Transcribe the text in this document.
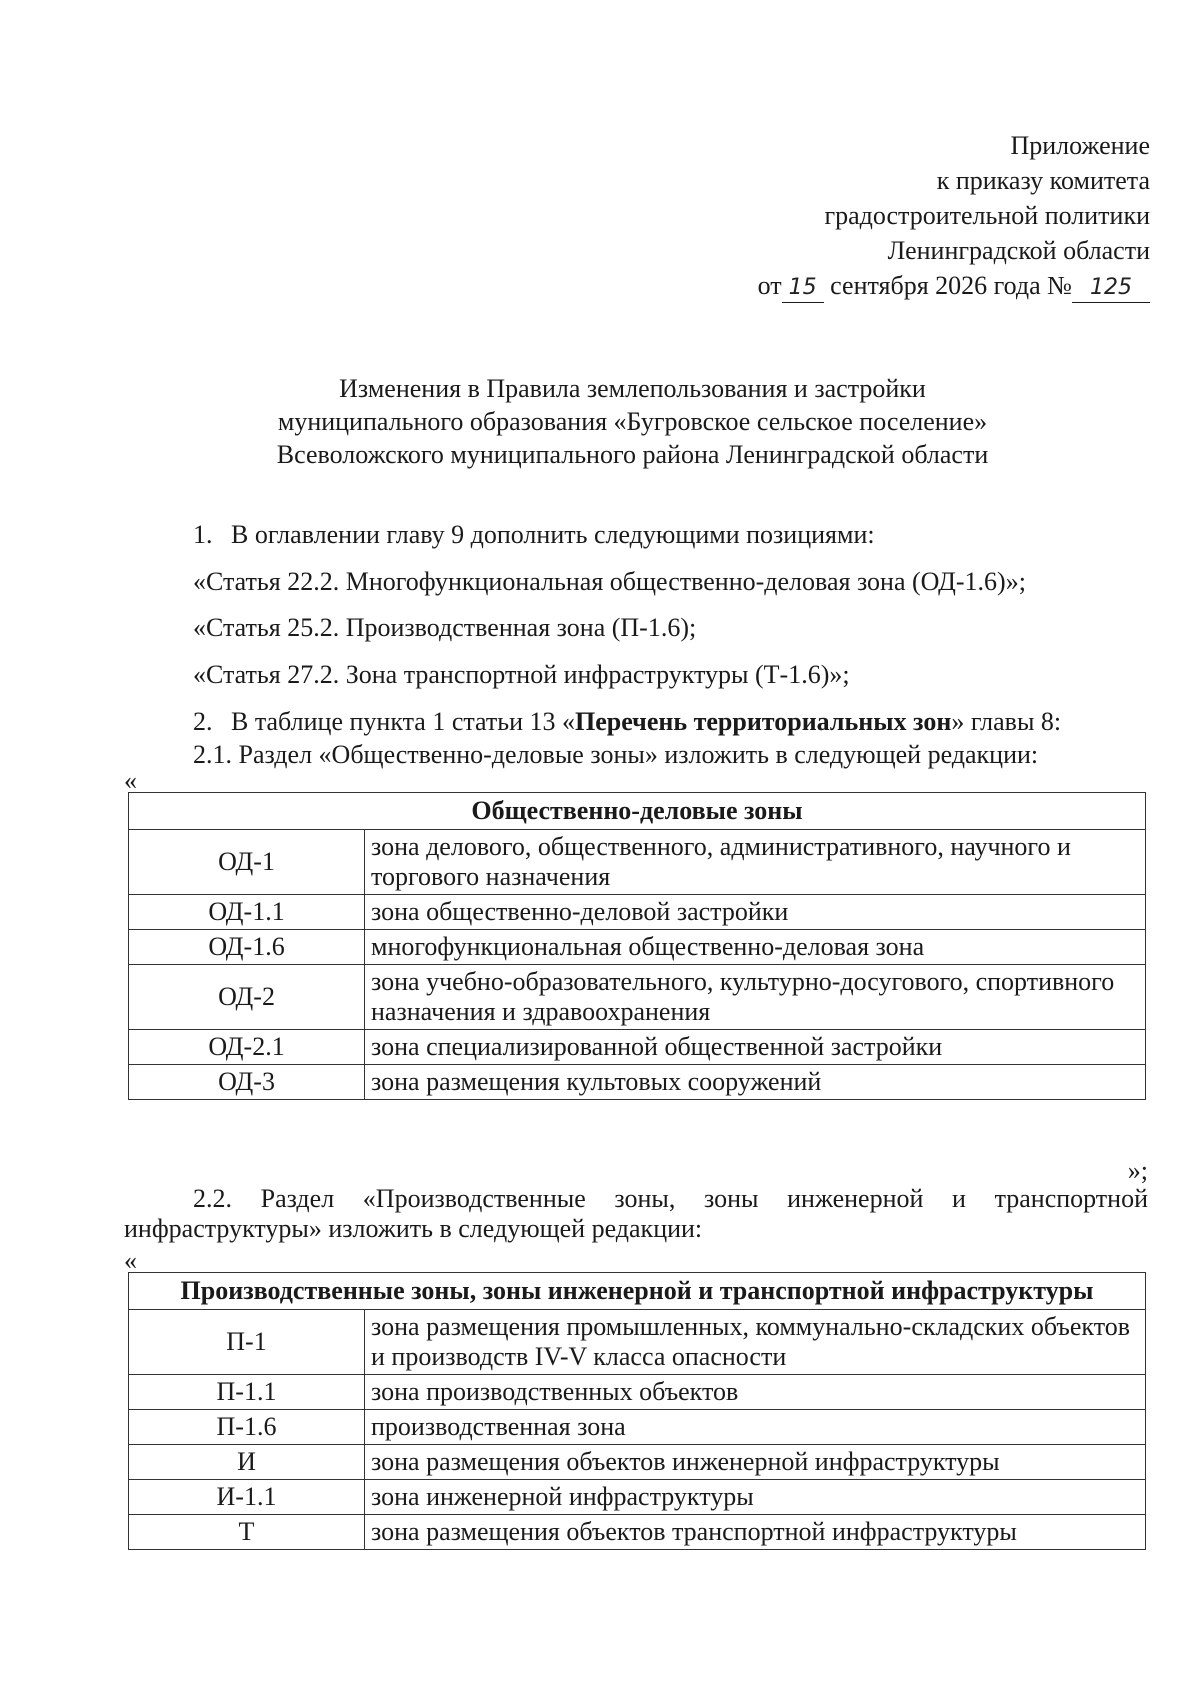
Приложение
к приказу комитета
градостроительной политики
Ленинградской области
от 15 сентября 2026 года № 125
Изменения в Правила землепользования и застройки
муниципального образования «Бугровское сельское поселение»
Всеволожского муниципального района Ленинградской области
1. В оглавлении главу 9 дополнить следующими позициями:
«Статья 22.2. Многофункциональная общественно-деловая зона (ОД-1.6)»;
«Статья 25.2. Производственная зона (П-1.6);
«Статья 27.2. Зона транспортной инфраструктуры (Т-1.6)»;
2. В таблице пункта 1 статьи 13 «Перечень территориальных зон» главы 8:
2.1. Раздел «Общественно-деловые зоны» изложить в следующей редакции:
«
Общественно-деловые зоны	
ОД-1	зона делового, общественного, административного, научного и торгового назначения
ОД-1.1	зона общественно-деловой застройки
ОД-1.6	многофункциональная общественно-деловая зона
ОД-2	зона учебно-образовательного, культурно-досугового, спортивного назначения и здравоохранения
ОД-2.1	зона специализированной общественной застройки
ОД-3	зона размещения культовых сооружений
»;
2.2. Раздел «Производственные зоны, зоны инженерной и транспортной
инфраструктуры» изложить в следующей редакции:
«
Производственные зоны, зоны инженерной и транспортной инфраструктуры	
П-1	зона размещения промышленных, коммунально-складских объектов и производств IV-V класса опасности
П-1.1	зона производственных объектов
П-1.6	производственная зона
И	зона размещения объектов инженерной инфраструктуры
И-1.1	зона инженерной инфраструктуры
Т	зона размещения объектов транспортной инфраструктуры
